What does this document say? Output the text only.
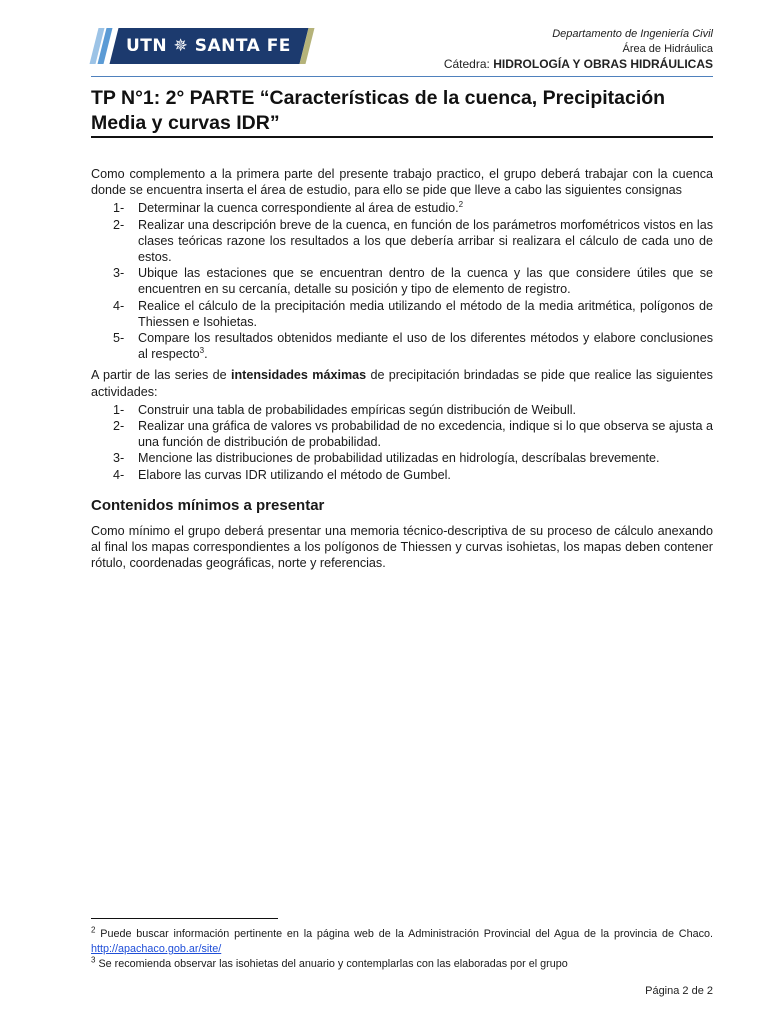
UTN ✵ SANTA FE
Departamento de Ingeniería Civil
Área de Hidráulica
Cátedra: HIDROLOGÍA Y OBRAS HIDRÁULICAS
TP N°1: 2° PARTE “Características de la cuenca, Precipitación Media y curvas IDR”

Como complemento a la primera parte del presente trabajo practico, el grupo deberá trabajar con la cuenca donde se encuentra inserta el área de estudio, para ello se pide que lleve a cabo las siguientes consignas

1-	Determinar la cuenca correspondiente al área de estudio.$^2$
2-	Realizar una descripción breve de la cuenca, en función de los parámetros morfométricos vistos en las clases teóricas razone los resultados a los que debería arribar si realizara el cálculo de cada uno de estos.
3-	Ubique las estaciones que se encuentran dentro de la cuenca y las que considere útiles que se encuentren en su cercanía, detalle su posición y tipo de elemento de registro.
4-	Realice el cálculo de la precipitación media utilizando el método de la media aritmética, polígonos de Thiessen e Isohietas.
5-	Compare los resultados obtenidos mediante el uso de los diferentes métodos y elabore conclusiones al respecto$^3$.

A partir de las series de intensidades máximas de precipitación brindadas se pide que realice las siguientes actividades:

1-	Construir una tabla de probabilidades empíricas según distribución de Weibull.
2-	Realizar una gráfica de valores vs probabilidad de no excedencia, indique si lo que observa se ajusta a una función de distribución de probabilidad.
3-	Mencione las distribuciones de probabilidad utilizadas en hidrología, descríbalas brevemente.
4-	Elabore las curvas IDR utilizando el método de Gumbel.
Contenidos mínimos a presentar

Como mínimo el grupo deberá presentar una memoria técnico-descriptiva de su proceso de cálculo anexando al final los mapas correspondientes a los polígonos de Thiessen y curvas isohietas, los mapas deben contener rótulo, coordenadas geográficas, norte y referencias.

$^2$ Puede buscar información pertinente en la página web de la Administración Provincial del Agua de la provincia de Chaco. http://apachaco.gob.ar/site/
$^3$ Se recomienda observar las isohietas del anuario y contemplarlas con las elaboradas por el grupo
Página 2 de 2
